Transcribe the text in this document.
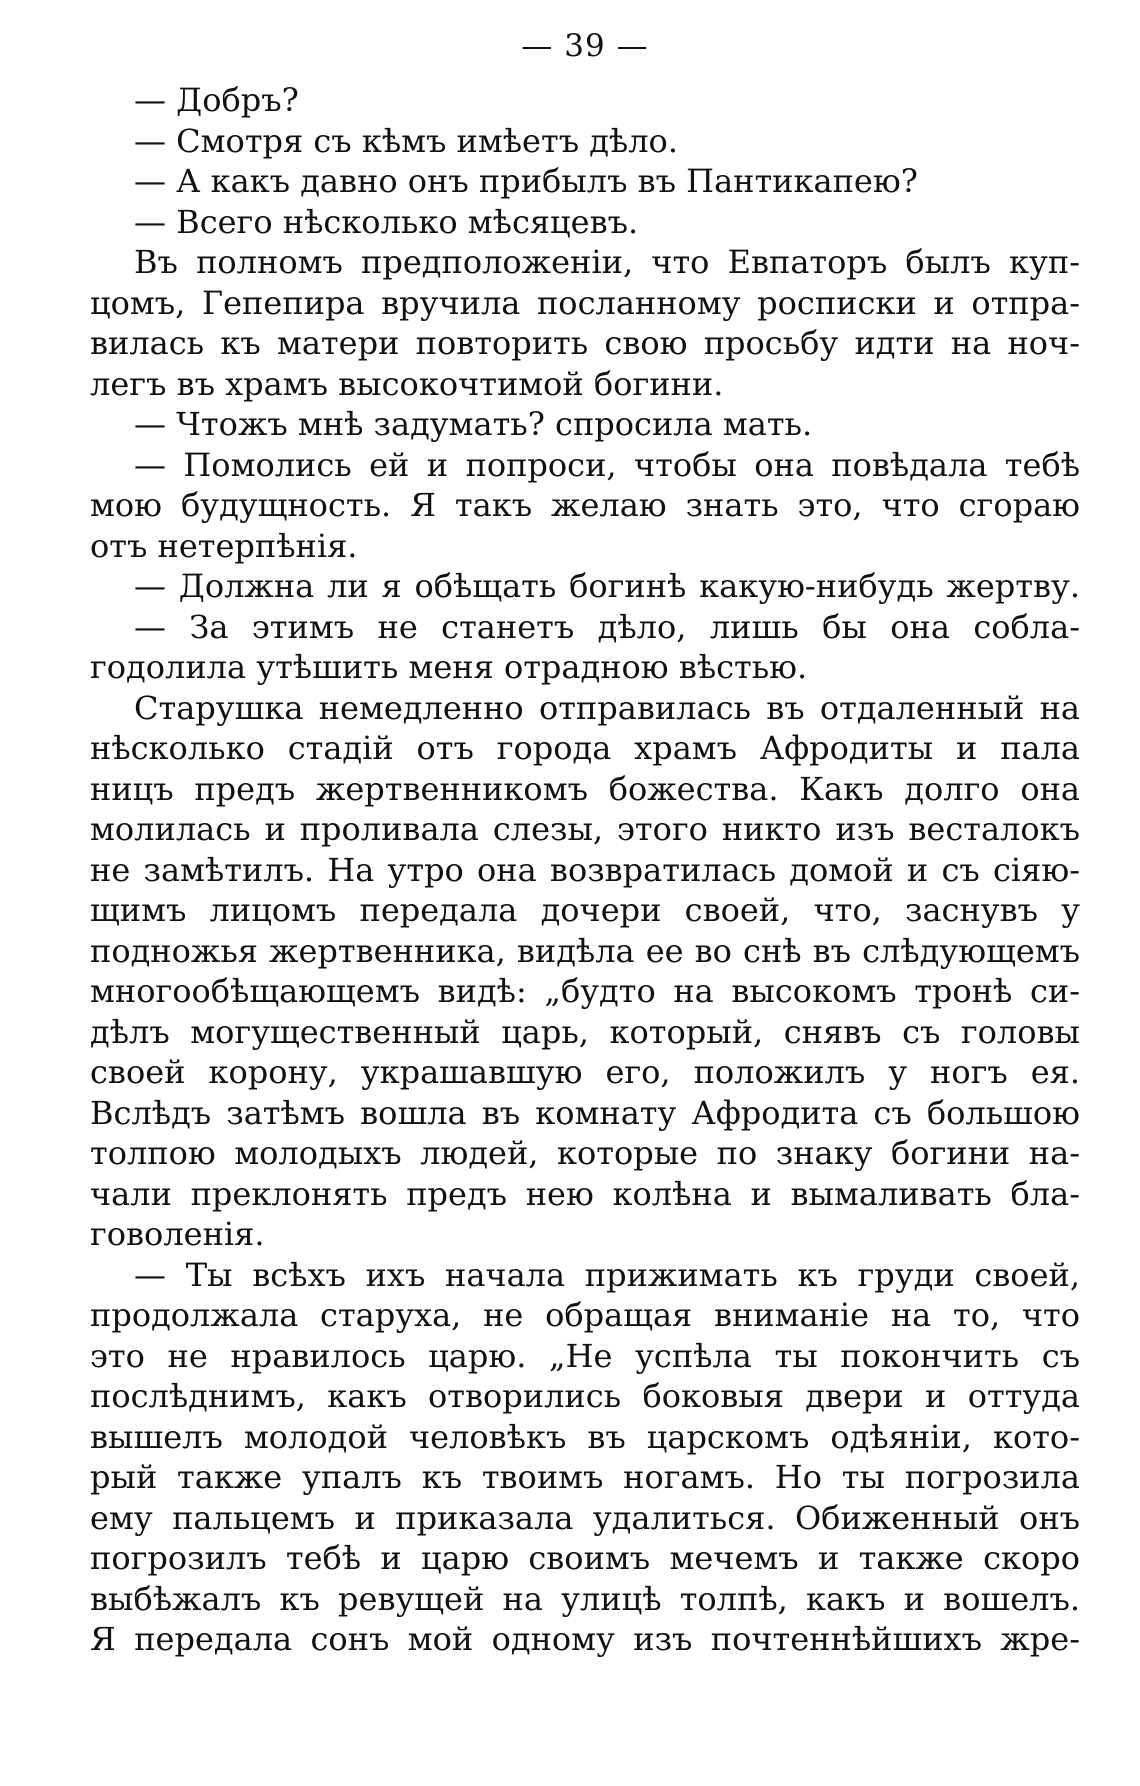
— 39 —
— Добръ?
— Смотря съ кѣмъ имѣетъ дѣло.
— А какъ давно онъ прибылъ въ Пантикапею?
— Всего нѣсколько мѣсяцевъ.
Въ полномъ предположенiи, что Евпаторъ былъ куп-
цомъ, Гепепира вручила посланному росписки и отпра-
вилась къ матери повторить свою просьбу идти на ноч-
легъ въ храмъ высокочтимой богини.
— Чтожъ мнѣ задумать? спросила мать.
— Помолись ей и попроси, чтобы она повѣдала тебѣ
мою будущность. Я такъ желаю знать это, что сгораю
отъ нетерпѣнiя.
— Должна ли я обѣщать богинѣ какую-нибудь жертву.
— За этимъ не станетъ дѣло, лишь бы она собла-
годолила утѣшить меня отрадною вѣстью.
Старушка немедленно отправилась въ отдаленный на
нѣсколько стадiй отъ города храмъ Афродиты и пала
ницъ предъ жертвенникомъ божества. Какъ долго она
молилась и проливала слезы, этого никто изъ весталокъ
не замѣтилъ. На утро она возвратилась домой и съ сiяю-
щимъ лицомъ передала дочери своей, что, заснувъ у
подножья жертвенника, видѣла ее во снѣ въ слѣдующемъ
многообѣщающемъ видѣ: „будто на высокомъ тронѣ си-
дѣлъ могущественный царь, который, снявъ съ головы
своей корону, украшавшую его, положилъ у ногъ ея.
Вслѣдъ затѣмъ вошла въ комнату Афродита съ большою
толпою молодыхъ людей, которые по знаку богини на-
чали преклонять предъ нею колѣна и вымаливать бла-
говоленiя.
— Ты всѣхъ ихъ начала прижимать къ груди своей,
продолжала старуха, не обращая вниманiе на то, что
это не нравилось царю. „Не успѣла ты покончить съ
послѣднимъ, какъ отворились боковыя двери и оттуда
вышелъ молодой человѣкъ въ царскомъ одѣянiи, кото-
рый также упалъ къ твоимъ ногамъ. Но ты погрозила
ему пальцемъ и приказала удалиться. Обиженный онъ
погрозилъ тебѣ и царю своимъ мечемъ и также скоро
выбѣжалъ къ ревущей на улицѣ толпѣ, какъ и вошелъ.
Я передала сонъ мой одному изъ почтеннѣйшихъ жре-
